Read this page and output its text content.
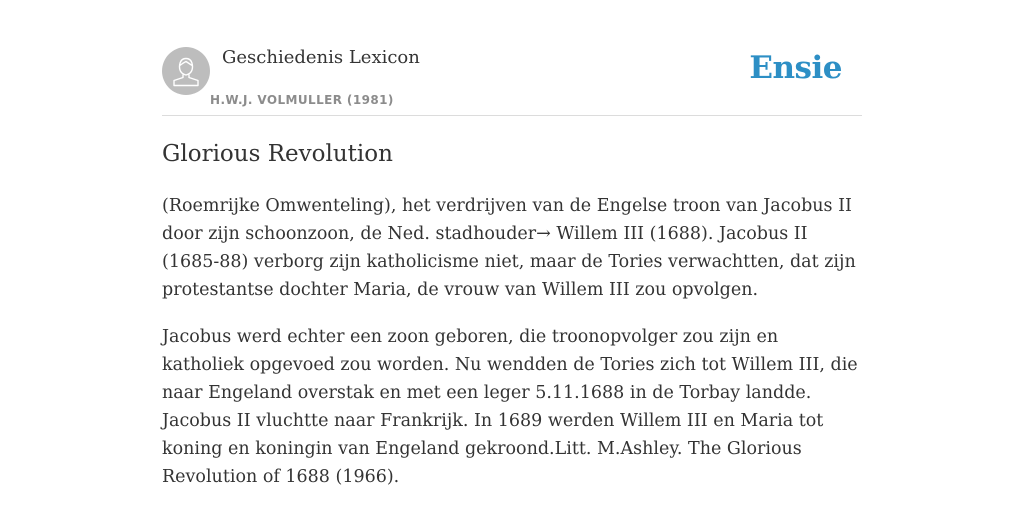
Geschiedenis Lexicon
H.W.J. VOLMULLER (1981)
Ensie
Glorious Revolution

(Roemrijke Omwenteling), het verdrijven van de Engelse troon van Jacobus II door zijn schoonzoon, de Ned. stadhouder→ Willem III (1688). Jacobus II (1685-88) verborg zijn katholicisme niet, maar de Tories verwachtten, dat zijn protestantse dochter Maria, de vrouw van Willem III zou opvolgen.

Jacobus werd echter een zoon geboren, die troonopvolger zou zijn en katholiek opgevoed zou worden. Nu wendden de Tories zich tot Willem III, die naar Engeland overstak en met een leger 5.11.1688 in de Torbay landde. Jacobus II vluchtte naar Frankrijk. In 1689 werden Willem III en Maria tot koning en koningin van Engeland gekroond.Litt. M.Ashley. The Glorious Revolution of 1688 (1966).
